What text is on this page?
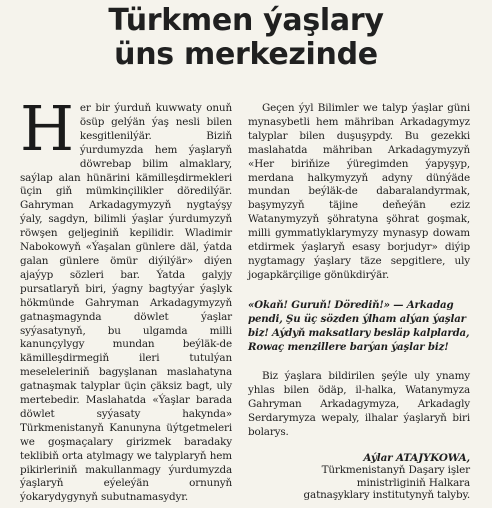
Türkmen ýaşlary
üns merkezinde

Her bir ýurduň kuwwaty onuň ösüp gelýän ýaş nesli bilen kesgitlenilýär. Biziň ýurdumyzda hem ýaşlaryň döwrebap bilim almaklary, saýlap alan hünärini kämilleşdirmekleri üçin giň mümkinçilikler döredilýär. Gahryman Arkadagymyzyň nygtaýşy ýaly, sagdyn, bilimli ýaşlar ýurdumyzyň röwşen geljeginiň kepilidir. Wladimir Nabokowyň «Ýaşalan günlere däl, ýatda galan günlere ömür diýilýär» diýen ajaýyp sözleri bar. Ýatda galyjy pursatlaryň biri, ýagny bagtyýar ýaşlyk hökmünde Gahryman Arkadagymyzyň gatnaşmagynda döwlet ýaşlar syýasatynyň, bu ulgamda milli kanunçylygy mundan beýläk-de kämilleşdirmegiň ileri tutulýan meseleleriniň bagyşlanan maslahatyna gatnaşmak talyplar üçin çäksiz bagt, uly mertebedir. Maslahatda «Ýaşlar barada döwlet syýasaty hakynda» Türkmenistanyň Kanunyna üýtgetmeleri we goşmaçalary girizmek baradaky teklibiň orta atylmagy we talyplaryň hem pikirleriniň makullanmagy ýurdumyzda ýaşlaryň eýeleýän ornunyň ýokarydygynyň subutnamasydyr.

Geçen ýyl Bilimler we talyp ýaşlar güni mynasybetli hem mähriban Arkadagymyz talyplar bilen duşuşypdy. Bu gezekki maslahatda mähriban Arkadagymyzyň «Her biriňize ýüregimden ýapyşyp, merdana halkymyzyň adyny dünýäde mundan beýläk-de dabaralandyrmak, başymyzyň täjine deňeýän eziz Watanymyzyň şöhratyna şöhrat goşmak, milli gymmatlyklarymyzy mynasyp dowam etdirmek ýaşlaryň esasy borjudyr» diýip nygtamagy ýaşlary täze sepgitlere, uly jogapkärçilige gönükdirýär.

«Okaň! Guruň! Dörediň!» — Arkadag pendi, Şu üç sözden ýlham alýan ýaşlar biz! Aýdyň maksatlary besläp kalplarda, Rowaç menzillere barýan ýaşlar biz!

Biz ýaşlara bildirilen şeýle uly ynamy yhlas bilen ödäp, il-halka, Watanymyza Gahryman Arkadagymyza, Arkadagly Serdarymyza wepaly, ilhalar ýaşlaryň biri bolarys.

Aýlar ATAJYKOWA,
Türkmenistanyň Daşary işler
ministrliginiň Halkara
gatnaşyklary institutynyň talyby.
